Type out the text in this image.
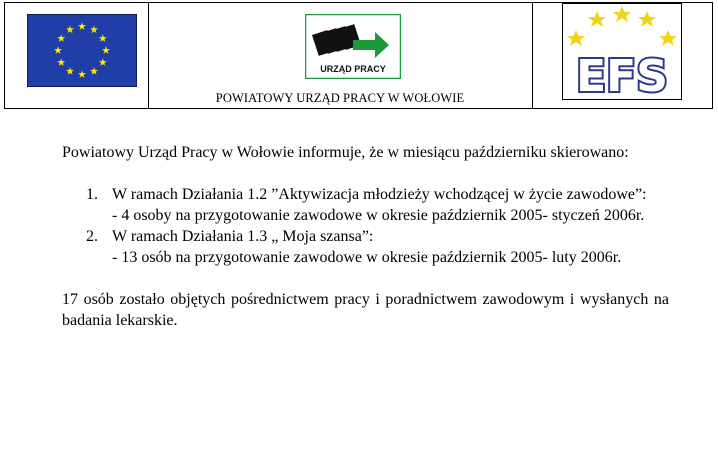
URZĄD PRACY
POWIATOWY URZĄD PRACY W WOŁOWIE	EFS

Powiatowy Urząd Pracy w Wołowie informuje, że w miesiącu październiku skierowano:

1. W ramach Działania 1.2 ”Aktywizacja młodzieży wchodzącej w życie zawodowe”:
- 4 osoby na przygotowanie zawodowe w okresie październik 2005- styczeń 2006r.
2. W ramach Działania 1.3 „ Moja szansa”:
- 13 osób na przygotowanie zawodowe w okresie październik 2005- luty 2006r.

17 osób zostało objętych pośrednictwem pracy i poradnictwem zawodowym i wysłanych na badania lekarskie.
